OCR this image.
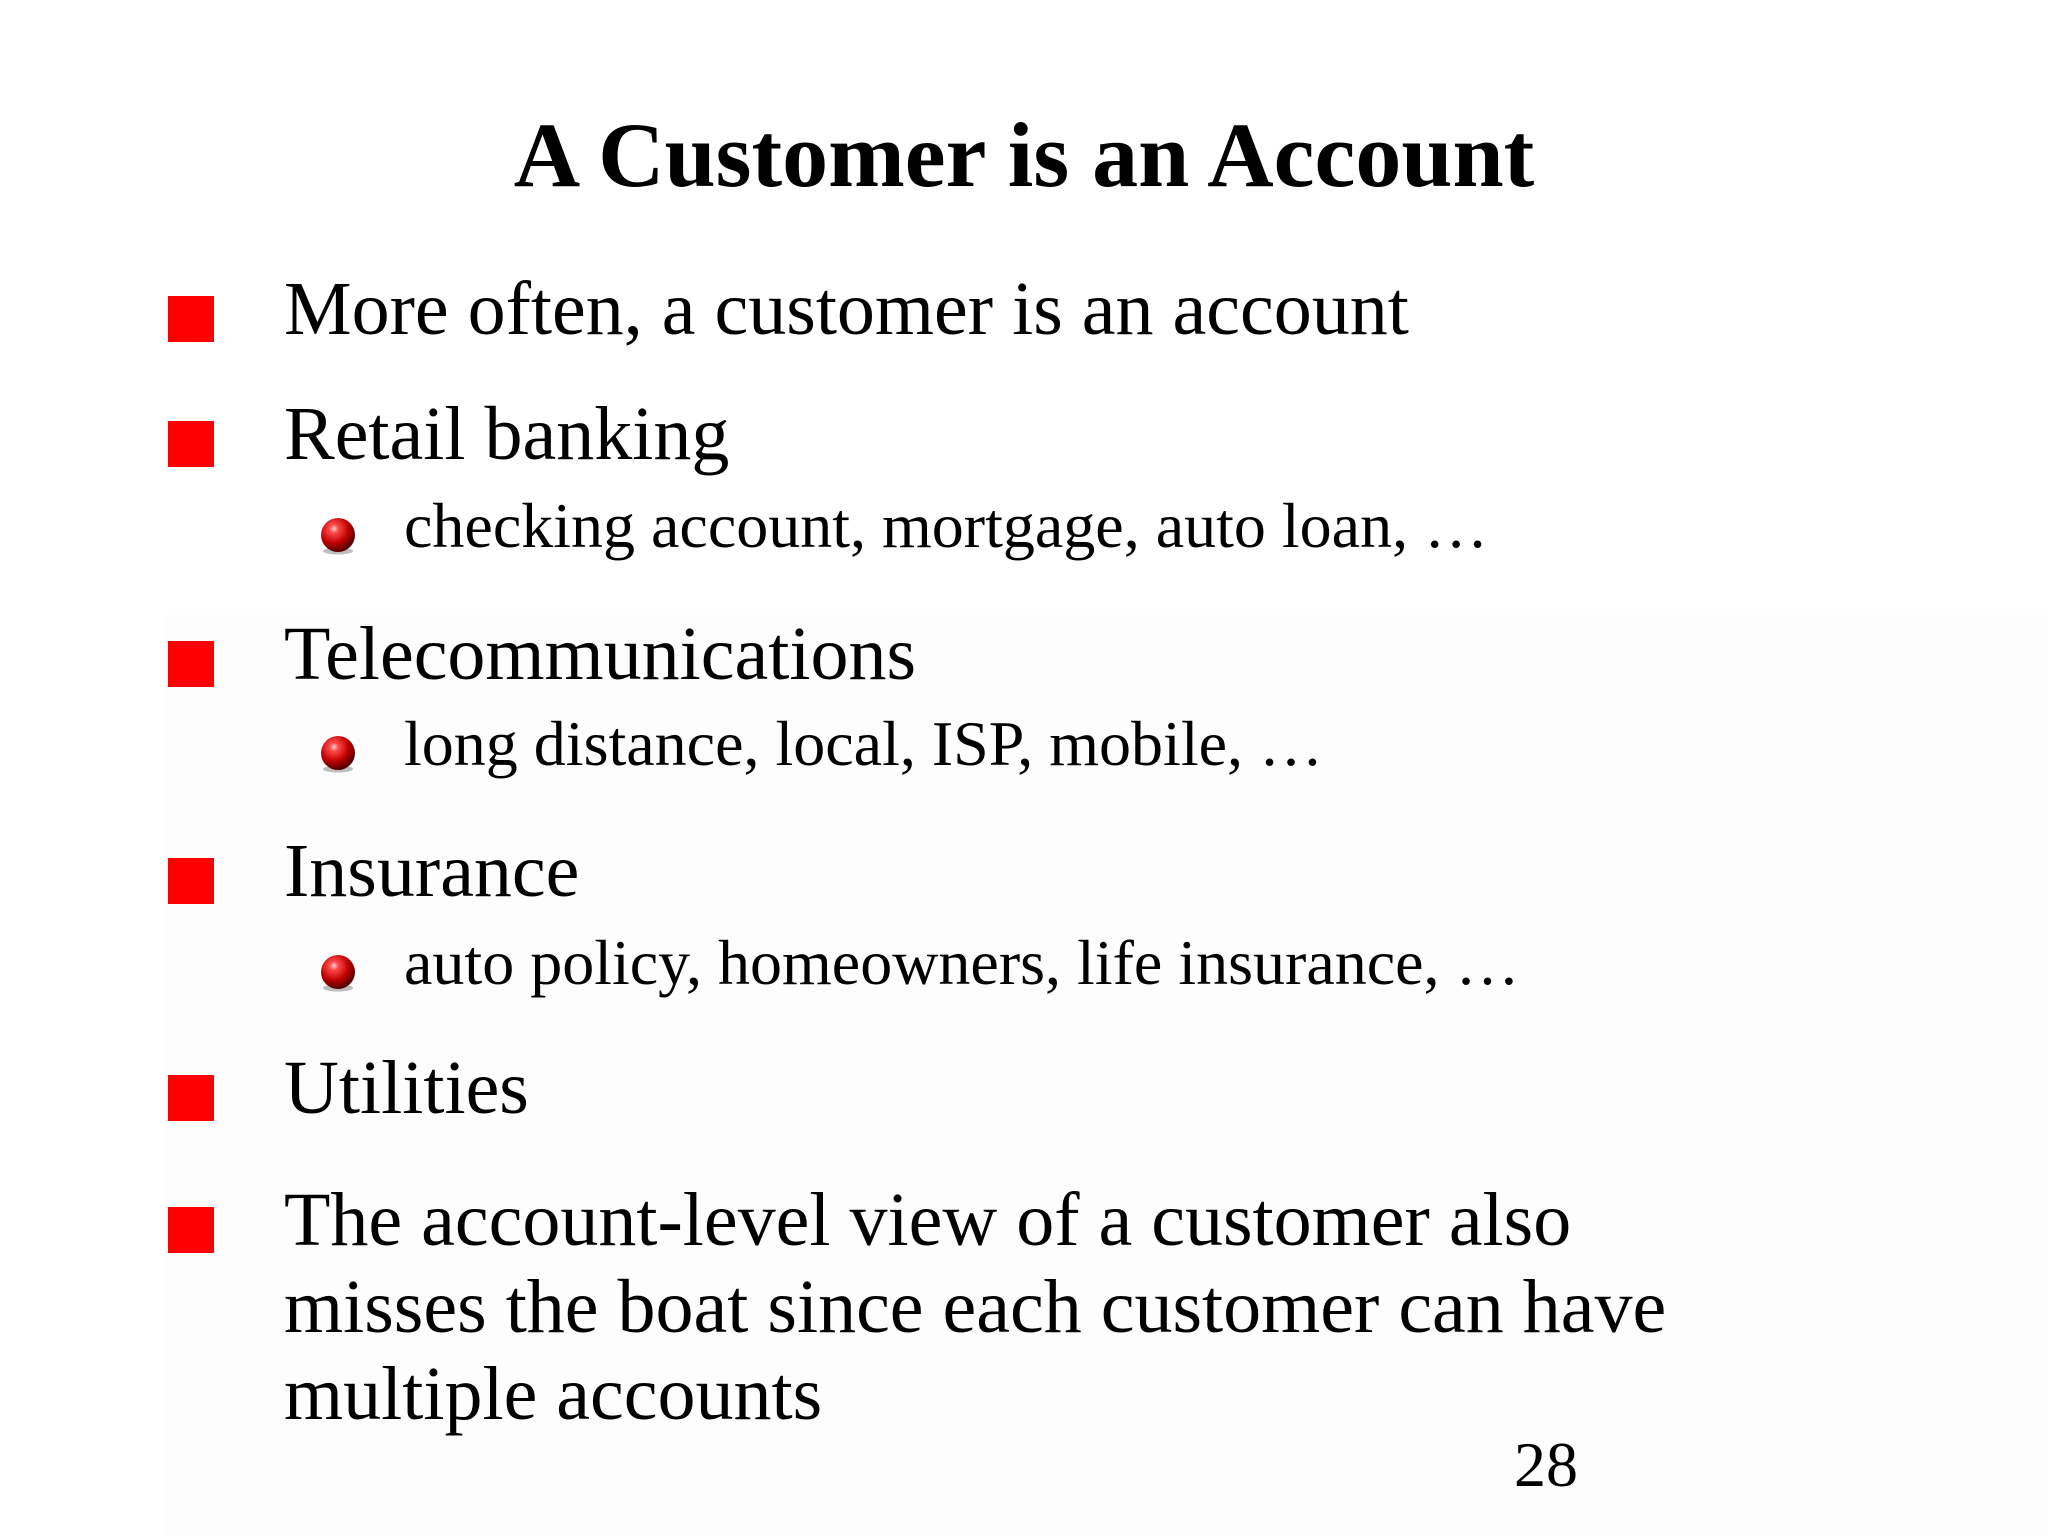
A Customer is an Account
More often, a customer is an account
Retail banking
checking account, mortgage, auto loan, …
Telecommunications
long distance, local, ISP, mobile, …
Insurance
auto policy, homeowners, life insurance, …
Utilities
The account-level view of a customer also
misses the boat since each customer can have
multiple accounts
28
